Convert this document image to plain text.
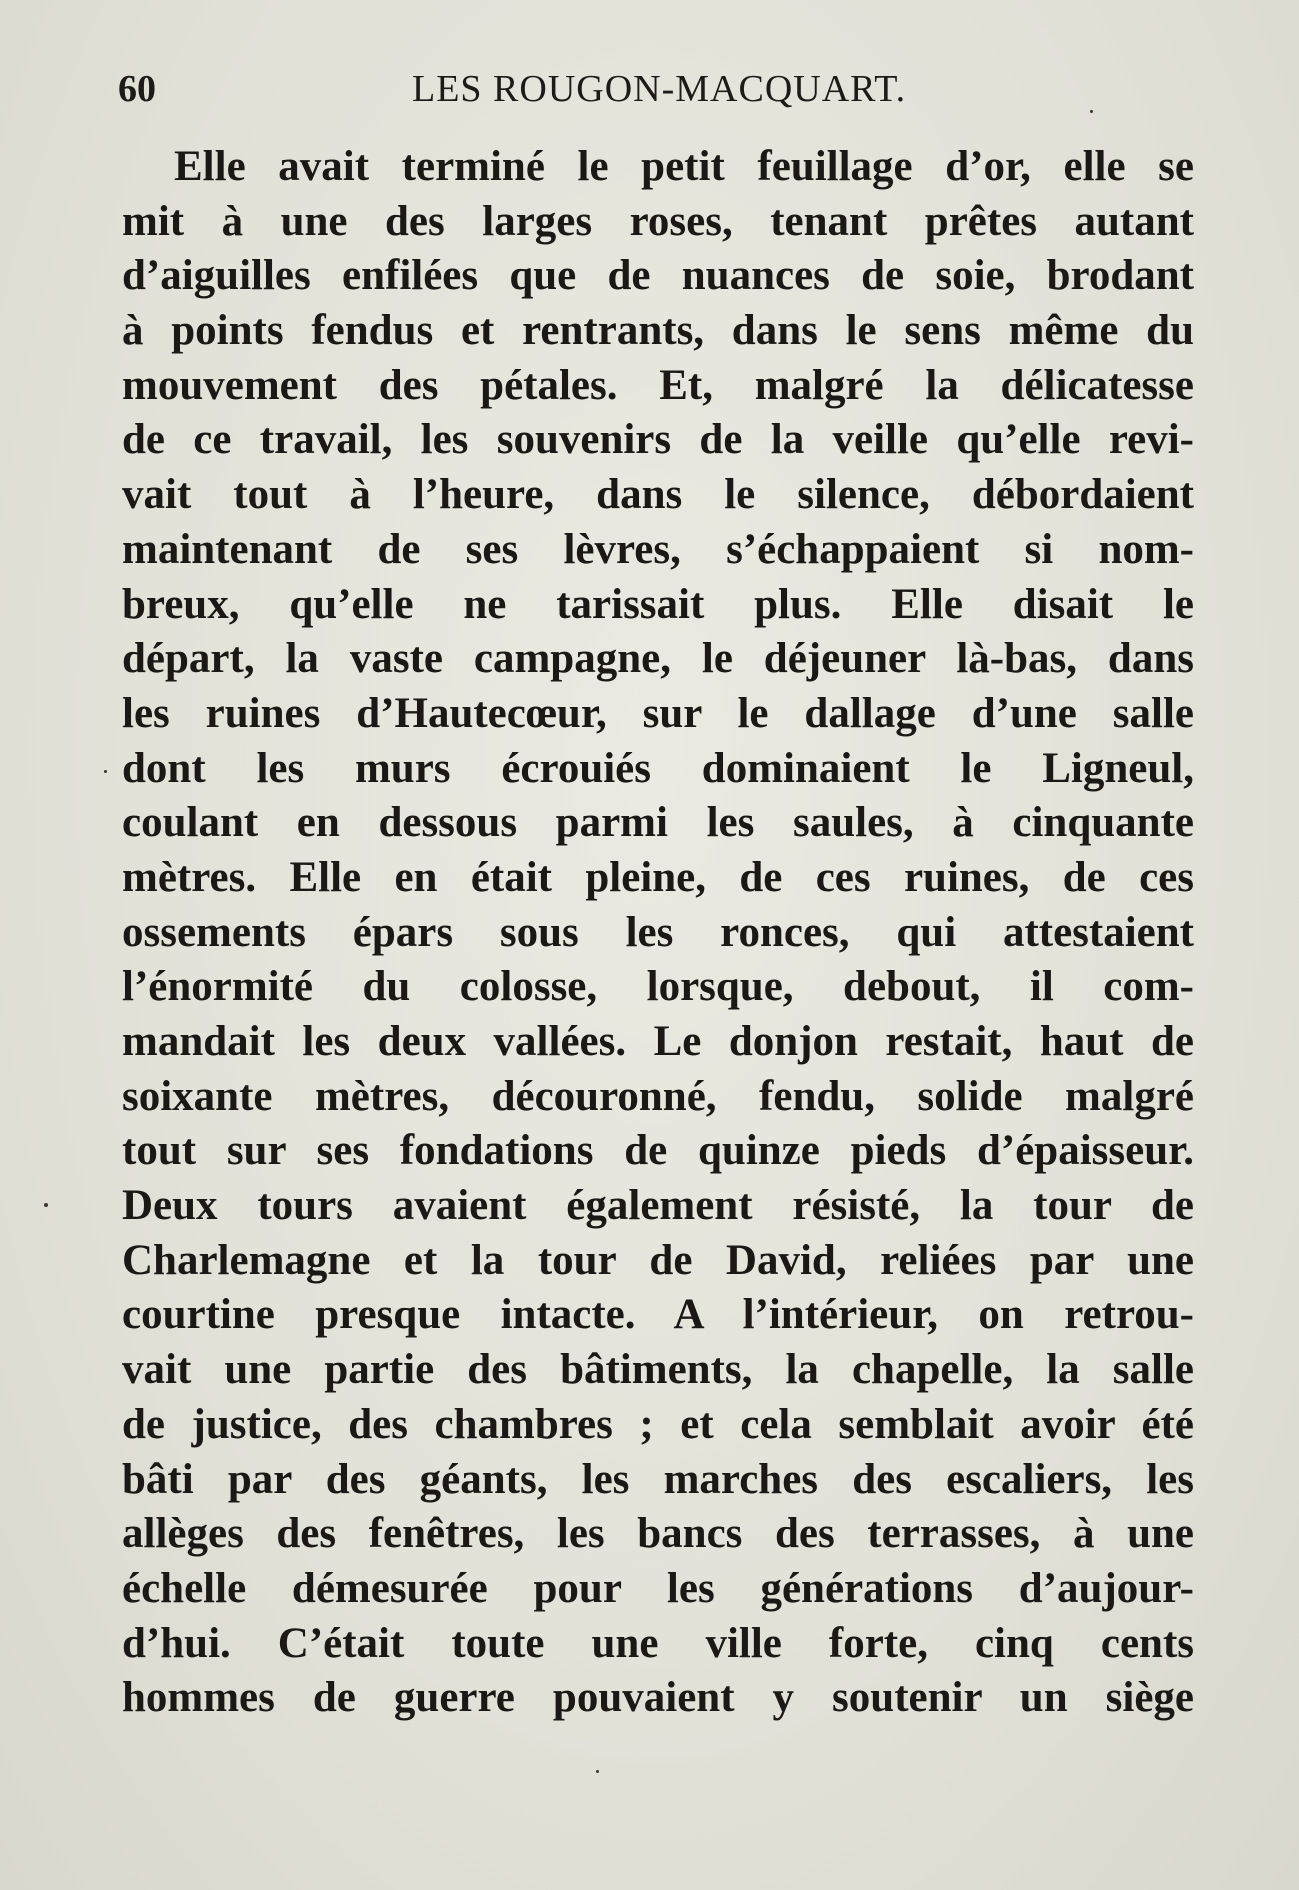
60	LES ROUGON-MACQUART.
Elle avait terminé le petit feuillage d’or, elle se
mit à une des larges roses, tenant prêtes autant
d’aiguilles enfilées que de nuances de soie, brodant
à points fendus et rentrants, dans le sens même du
mouvement des pétales. Et, malgré la délicatesse
de ce travail, les souvenirs de la veille qu’elle revi-
vait tout à l’heure, dans le silence, débordaient
maintenant de ses lèvres, s’échappaient si nom-
breux, qu’elle ne tarissait plus. Elle disait le
départ, la vaste campagne, le déjeuner là-bas, dans
les ruines d’Hautecœur, sur le dallage d’une salle
dont les murs écrouiés dominaient le Ligneul,
coulant en dessous parmi les saules, à cinquante
mètres. Elle en était pleine, de ces ruines, de ces
ossements épars sous les ronces, qui attestaient
l’énormité du colosse, lorsque, debout, il com-
mandait les deux vallées. Le donjon restait, haut de
soixante mètres, découronné, fendu, solide malgré
tout sur ses fondations de quinze pieds d’épaisseur.
Deux tours avaient également résisté, la tour de
Charlemagne et la tour de David, reliées par une
courtine presque intacte. A l’intérieur, on retrou-
vait une partie des bâtiments, la chapelle, la salle
de justice, des chambres ; et cela semblait avoir été
bâti par des géants, les marches des escaliers, les
allèges des fenêtres, les bancs des terrasses, à une
échelle démesurée pour les générations d’aujour-
d’hui. C’était toute une ville forte, cinq cents
hommes de guerre pouvaient y soutenir un siège
